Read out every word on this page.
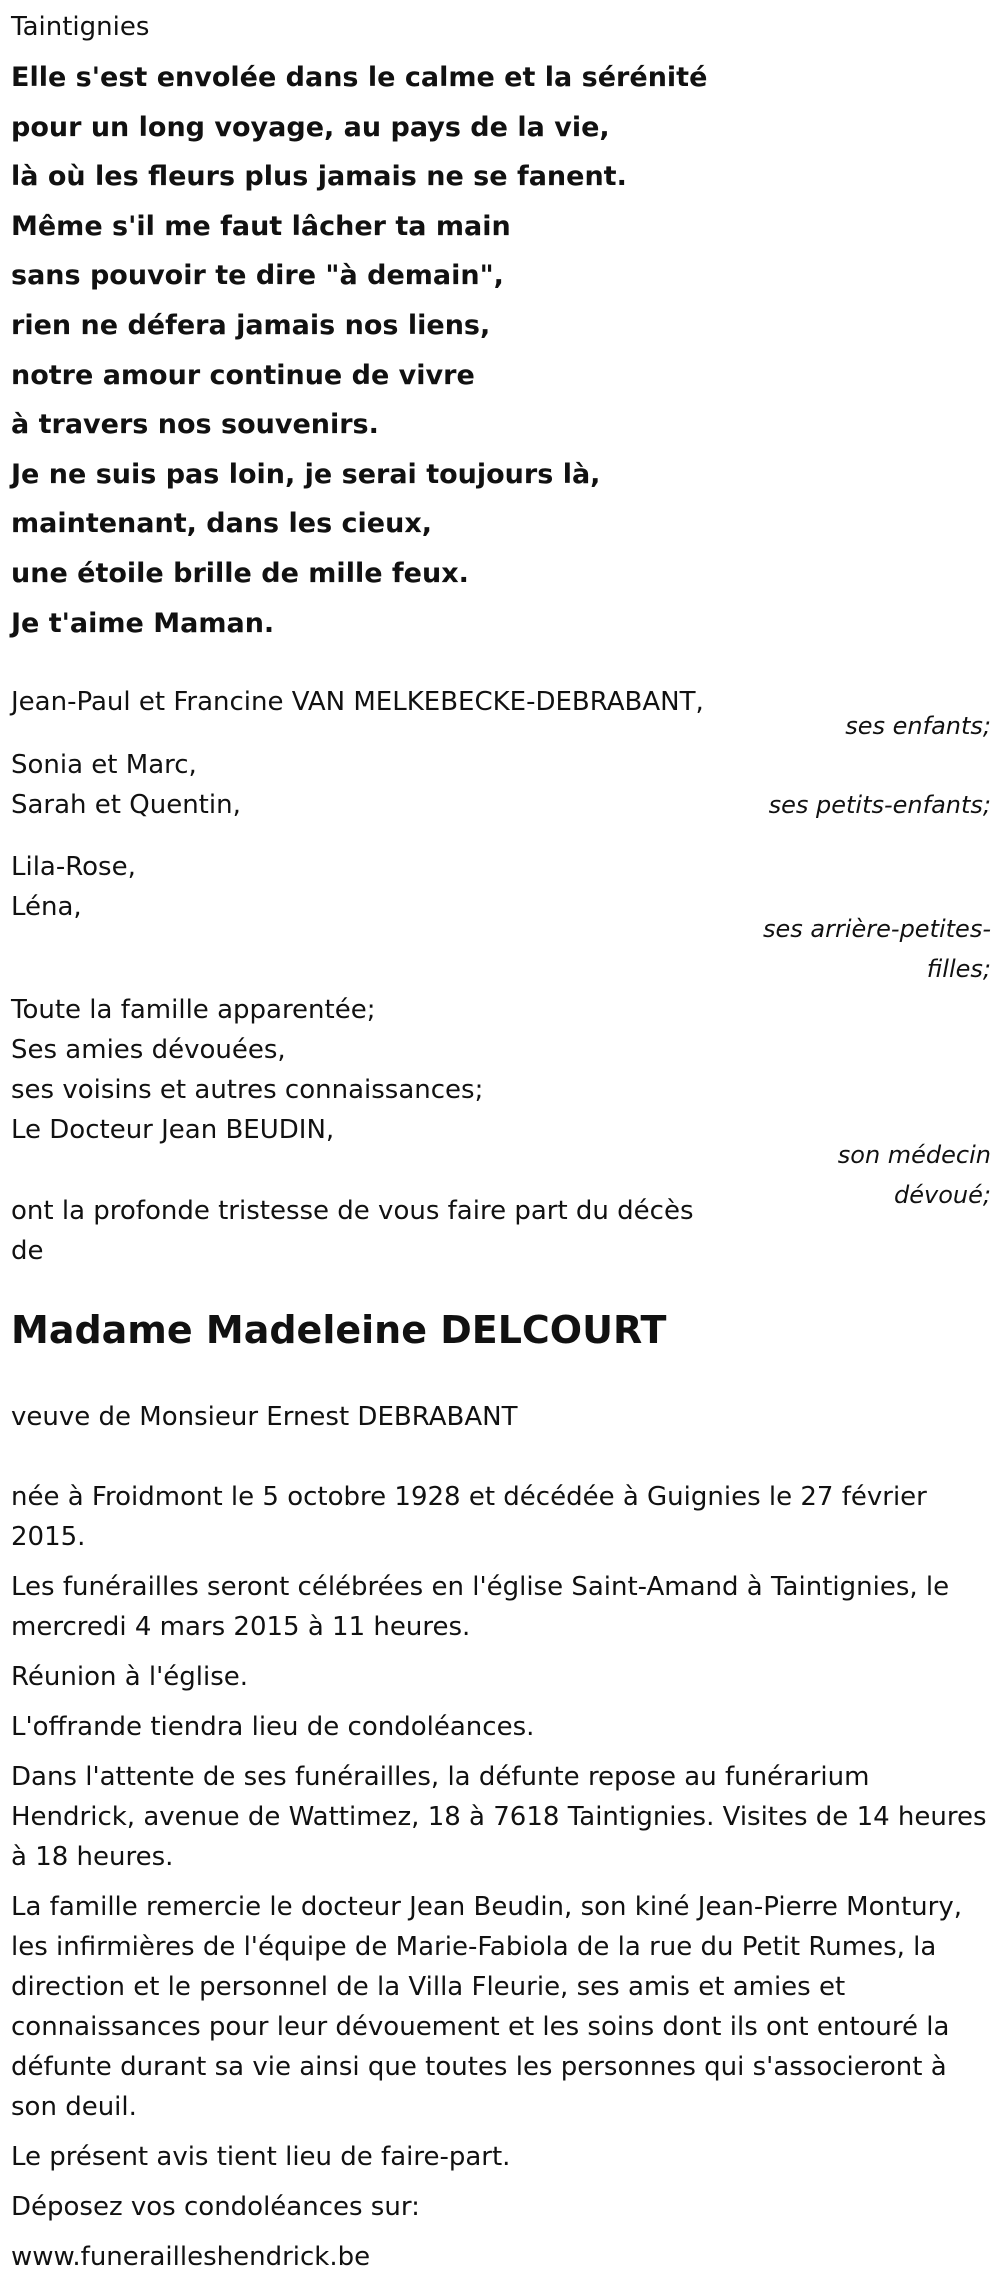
Taintignies
Elle s'est envolée dans le calme et la sérénité
pour un long voyage, au pays de la vie,
là où les fleurs plus jamais ne se fanent.
Même s'il me faut lâcher ta main
sans pouvoir te dire "à demain",
rien ne défera jamais nos liens,
notre amour continue de vivre
à travers nos souvenirs.
Je ne suis pas loin, je serai toujours là,
maintenant, dans les cieux,
une étoile brille de mille feux.
Je t'aime Maman.
Jean-Paul et Francine VAN MELKEBECKE-DEBRABANT,
ses enfants;
Sonia et Marc,
Sarah et Quentin,	ses petits-enfants;
Lila-Rose,
Léna,
ses arrière-petites-
filles;
Toute la famille apparentée;
Ses amies dévouées,
ses voisins et autres connaissances;
Le Docteur Jean BEUDIN,
son médecin
dévoué;
ont la profonde tristesse de vous faire part du décès
de
Madame Madeleine DELCOURT
veuve de Monsieur Ernest DEBRABANT

née à Froidmont le 5 octobre 1928 et décédée à Guignies le 27 février 2015.

Les funérailles seront célébrées en l'église Saint-Amand à Taintignies, le mercredi 4 mars 2015 à 11 heures.

Réunion à l'église.

L'offrande tiendra lieu de condoléances.

Dans l'attente de ses funérailles, la défunte repose au funérarium Hendrick, avenue de Wattimez, 18 à 7618 Taintignies. Visites de 14 heures à 18 heures.

La famille remercie le docteur Jean Beudin, son kiné Jean-Pierre Montury, les infirmières de l'équipe de Marie-Fabiola de la rue du Petit Rumes, la direction et le personnel de la Villa Fleurie, ses amis et amies et connaissances pour leur dévouement et les soins dont ils ont entouré la défunte durant sa vie ainsi que toutes les personnes qui s'associeront à son deuil.

Le présent avis tient lieu de faire-part.

Déposez vos condoléances sur:

www.funerailleshendrick.be
